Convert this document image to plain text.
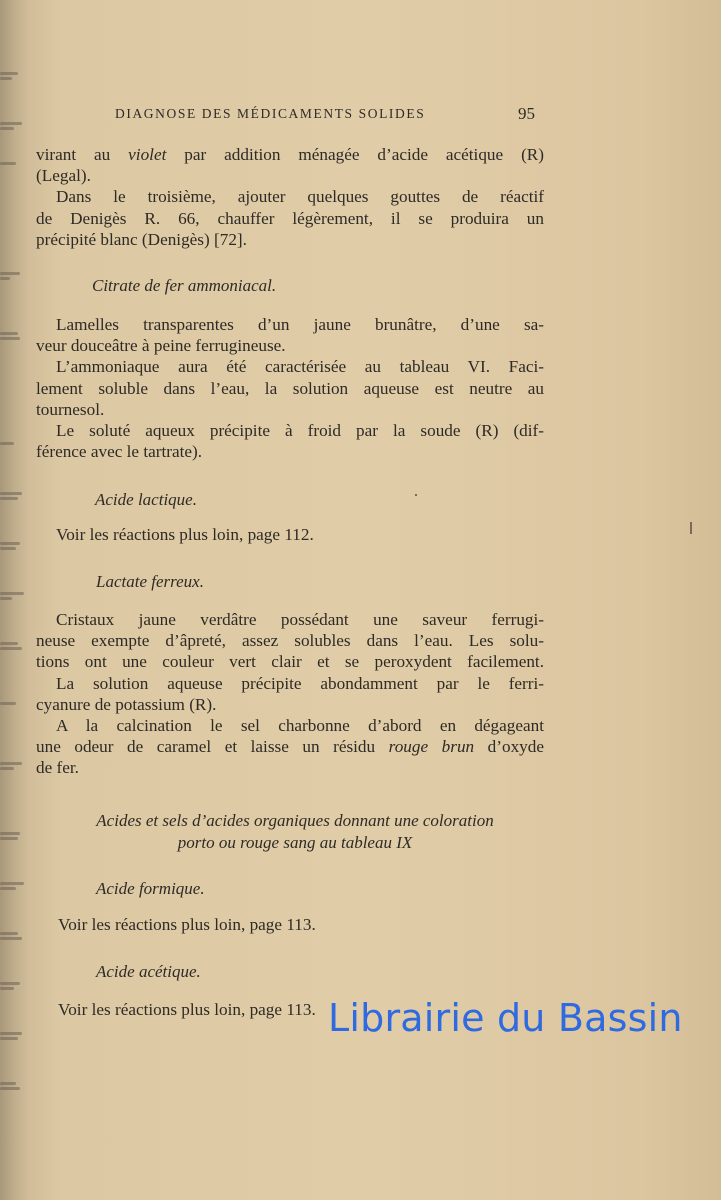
DIAGNOSE DES MÉDICAMENTS SOLIDES	95
virant au violet par addition ménagée d’acide acétique (R)
(Legal).
Dans le troisième, ajouter quelques gouttes de réactif
de Denigès R. 66, chauffer légèrement, il se produira un
précipité blanc (Denigès) [72].
Citrate de fer ammoniacal.
Lamelles transparentes d’un jaune brunâtre, d’une sa-
veur douceâtre à peine ferrugineuse.
L’ammoniaque aura été caractérisée au tableau VI. Faci-
lement soluble dans l’eau, la solution aqueuse est neutre au
tournesol.
Le soluté aqueux précipite à froid par la soude (R) (dif-
férence avec le tartrate).
Acide lactique.
Voir les réactions plus loin, page 112.
Lactate ferreux.
Cristaux jaune verdâtre possédant une saveur ferrugi-
neuse exempte d’âpreté, assez solubles dans l’eau. Les solu-
tions ont une couleur vert clair et se peroxydent facilement.
La solution aqueuse précipite abondamment par le ferri-
cyanure de potassium (R).
A la calcination le sel charbonne d’abord en dégageant
une odeur de caramel et laisse un résidu rouge brun d’oxyde
de fer.
Acides et sels d’acides organiques donnant une coloration
porto ou rouge sang au tableau IX
Acide formique.
Voir les réactions plus loin, page 113.
Acide acétique.
Voir les réactions plus loin, page 113. Librairie du Bassin
